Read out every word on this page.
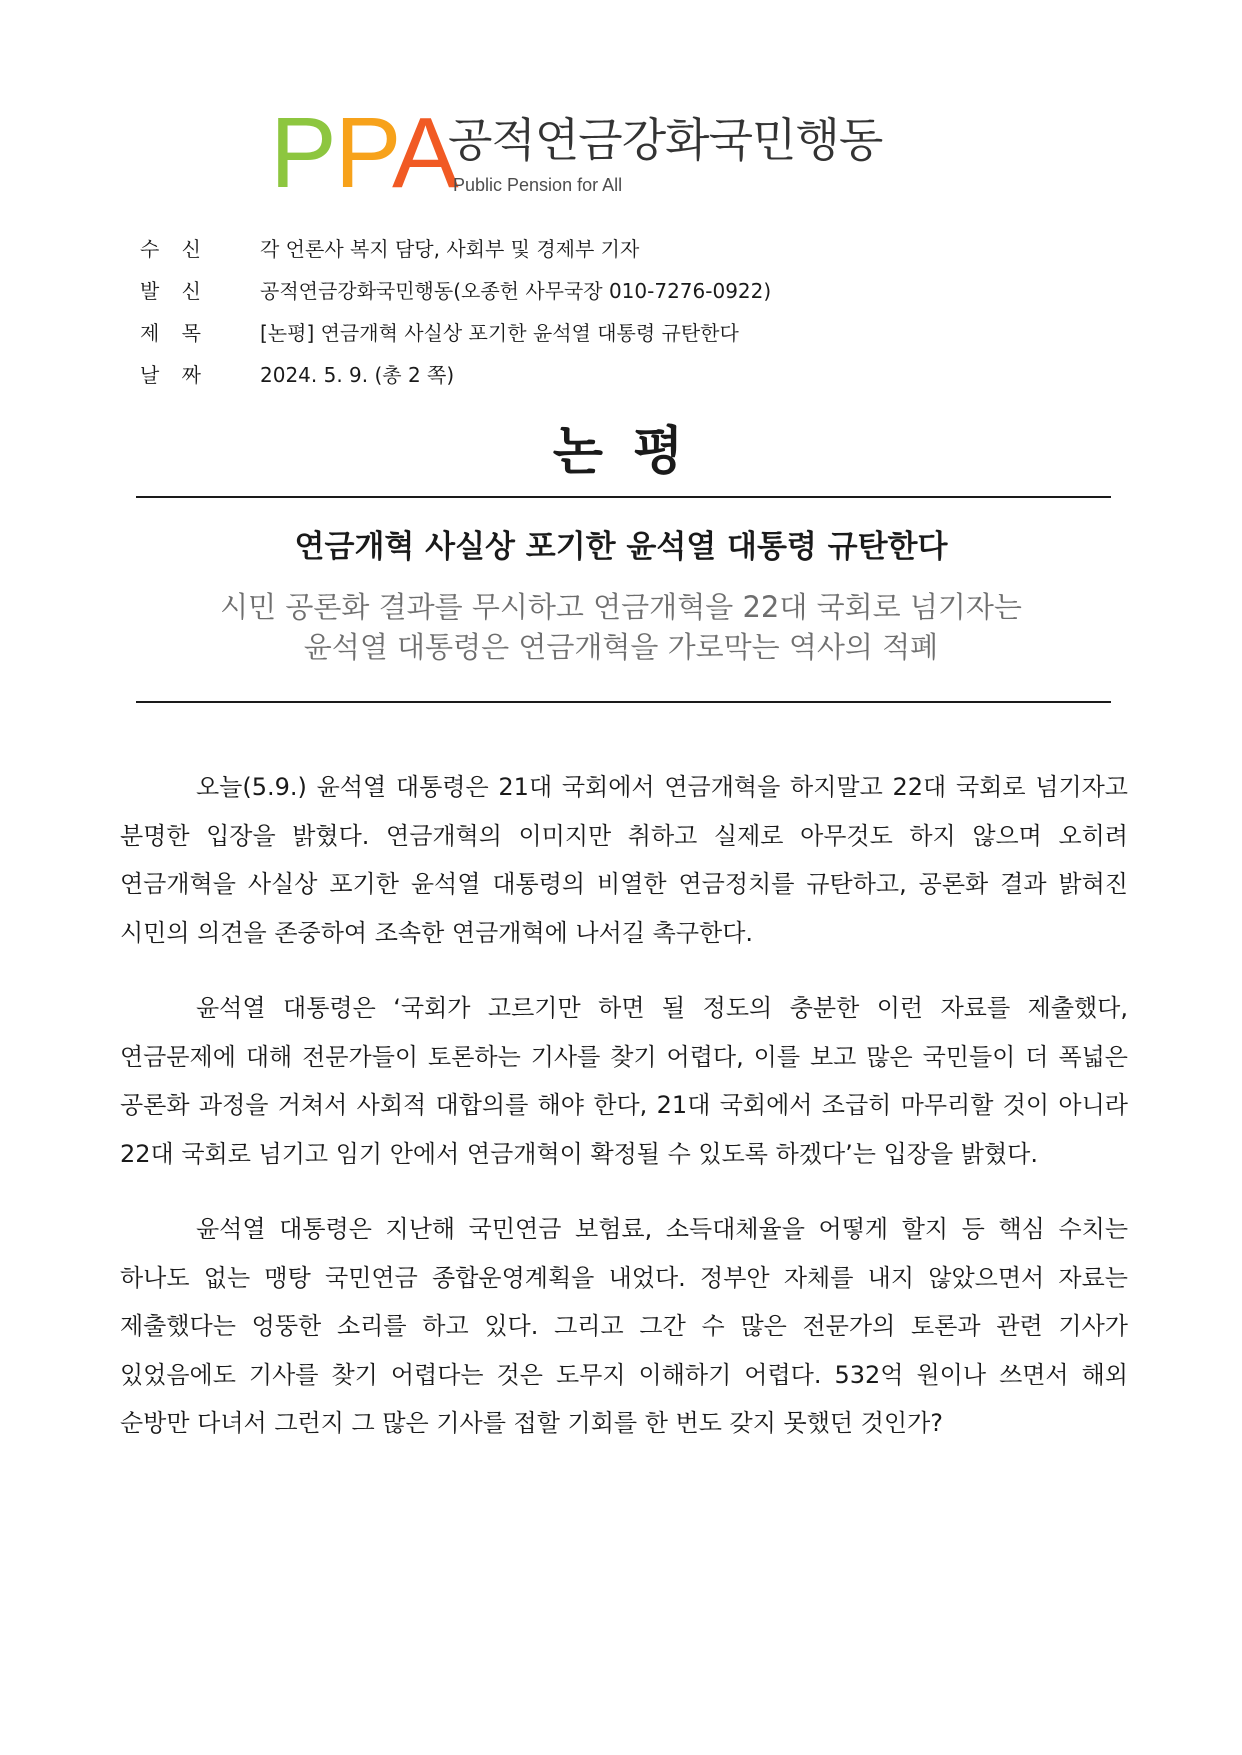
PPA
공적연금강화국민행동
Public Pension for All
수 신	각 언론사 복지 담당, 사회부 및 경제부 기자
발 신	공적연금강화국민행동(오종헌 사무국장 010-7276-0922)
제 목	[논평] 연금개혁 사실상 포기한 윤석열 대통령 규탄한다
날 짜	2024. 5. 9. (총 2 쪽)
논 평
연금개혁 사실상 포기한 윤석열 대통령 규탄한다
시민 공론화 결과를 무시하고 연금개혁을 22대 국회로 넘기자는
윤석열 대통령은 연금개혁을 가로막는 역사의 적폐

오늘(5.9.) 윤석열 대통령은 21대 국회에서 연금개혁을 하지말고 22대 국회로 넘기자고 분명한 입장을 밝혔다. 연금개혁의 이미지만 취하고 실제로 아무것도 하지 않으며 오히려 연금개혁을 사실상 포기한 윤석열 대통령의 비열한 연금정치를 규탄하고, 공론화 결과 밝혀진 시민의 의견을 존중하여 조속한 연금개혁에 나서길 촉구한다.

윤석열 대통령은 ‘국회가 고르기만 하면 될 정도의 충분한 이런 자료를 제출했다, 연금문제에 대해 전문가들이 토론하는 기사를 찾기 어렵다, 이를 보고 많은 국민들이 더 폭넓은 공론화 과정을 거쳐서 사회적 대합의를 해야 한다, 21대 국회에서 조급히 마무리할 것이 아니라 22대 국회로 넘기고 임기 안에서 연금개혁이 확정될 수 있도록 하겠다’는 입장을 밝혔다.

윤석열 대통령은 지난해 국민연금 보험료, 소득대체율을 어떻게 할지 등 핵심 수치는 하나도 없는 맹탕 국민연금 종합운영계획을 내었다. 정부안 자체를 내지 않았으면서 자료는 제출했다는 엉뚱한 소리를 하고 있다. 그리고 그간 수 많은 전문가의 토론과 관련 기사가 있었음에도 기사를 찾기 어렵다는 것은 도무지 이해하기 어렵다. 532억 원이나 쓰면서 해외 순방만 다녀서 그런지 그 많은 기사를 접할 기회를 한 번도 갖지 못했던 것인가?
